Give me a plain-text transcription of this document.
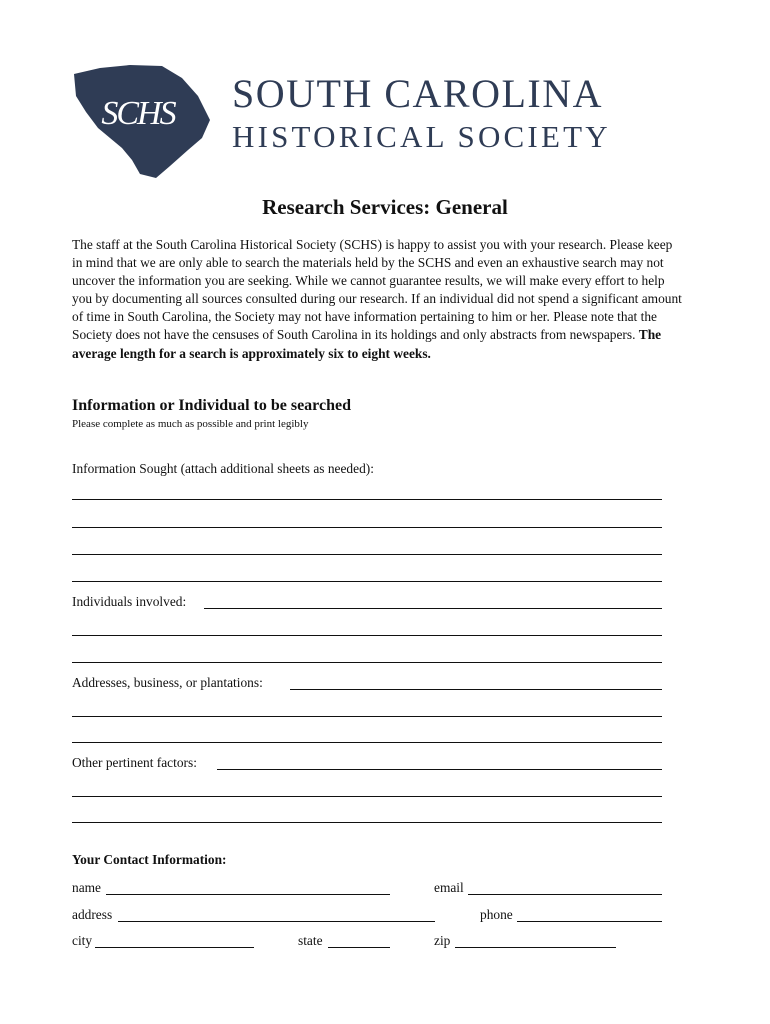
SCHS SOUTH CAROLINA
HISTORICAL SOCIETY
Research Services: General
The staff at the South Carolina Historical Society (SCHS) is happy to assist you with your research. Please keep in mind that we are only able to search the materials held by the SCHS and even an exhaustive search may not uncover the information you are seeking. While we cannot guarantee results, we will make every effort to help you by documenting all sources consulted during our research. If an individual did not spend a significant amount of time in South Carolina, the Society may not have information pertaining to him or her. Please note that the Society does not have the censuses of South Carolina in its holdings and only abstracts from newspapers. The average length for a search is approximately six to eight weeks.
Information or Individual to be searched
Please complete as much as possible and print legibly
Information Sought (attach additional sheets as needed):
Individuals involved:
Addresses, business, or plantations:
Other pertinent factors:
Your Contact Information:
name	email
address	phone
city	state	zip
